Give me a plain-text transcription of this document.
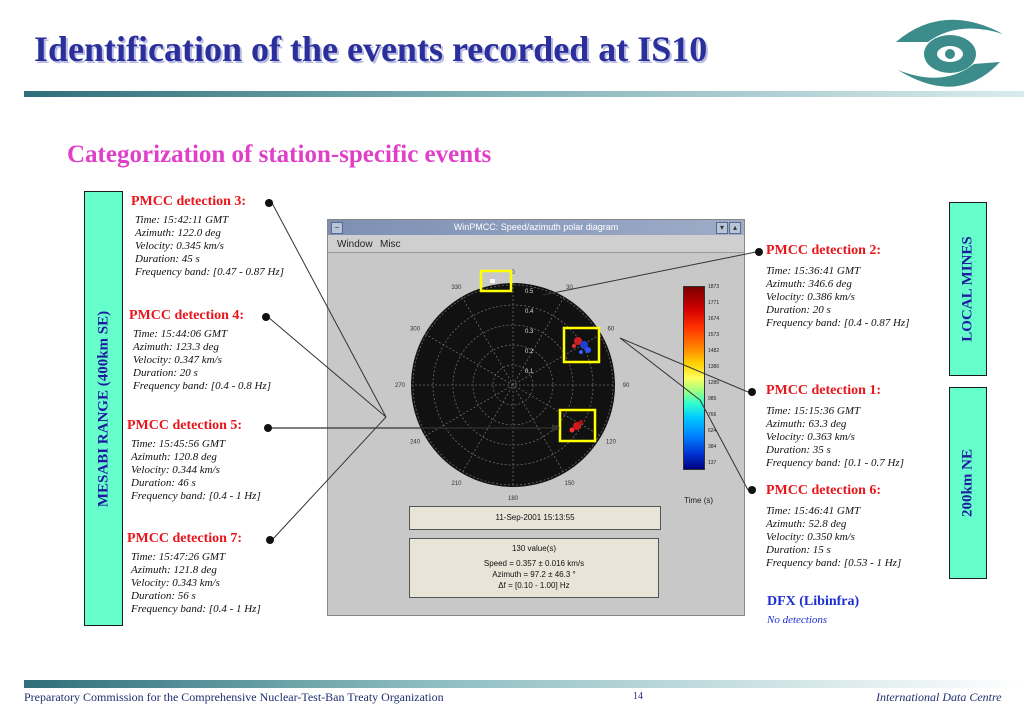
Identification of the events recorded at IS10
Categorization of station-specific events
MESABI RANGE (400km SE)
LOCAL MINES
200km NE
PMCC detection 3:
Time: 15:42:11 GMT
Azimuth: 122.0 deg
Velocity: 0.345 km/s
Duration: 45 s
Frequency band: [0.47 - 0.87 Hz]
PMCC detection 4:
Time: 15:44:06 GMT
Azimuth: 123.3 deg
Velocity: 0.347 km/s
Duration: 20 s
Frequency band: [0.4 - 0.8 Hz]
PMCC detection 5:
Time: 15:45:56 GMT
Azimuth: 120.8 deg
Velocity: 0.344 km/s
Duration: 46 s
Frequency band: [0.4 - 1 Hz]
PMCC detection 7:
Time: 15:47:26 GMT
Azimuth: 121.8 deg
Velocity: 0.343 km/s
Duration: 56 s
Frequency band: [0.4 - 1 Hz]
PMCC detection 2:
Time: 15:36:41 GMT
Azimuth: 346.6 deg
Velocity: 0.386 km/s
Duration: 20 s
Frequency band: [0.4 - 0.87 Hz]
PMCC detection 1:
Time: 15:15:36 GMT
Azimuth: 63.3 deg
Velocity: 0.363 km/s
Duration: 35 s
Frequency band: [0.1 - 0.7 Hz]
PMCC detection 6:
Time: 15:46:41 GMT
Azimuth: 52.8 deg
Velocity: 0.350 km/s
Duration: 15 s
Frequency band: [0.53 - 1 Hz]
DFX (Libinfra)
No detections
−	WinPMCC: Speed/azimuth polar diagram	▾	▴
Window Misc
0
30
60
90
120
150
180
210
240
270
300
330
0.5
0.4
0.3
0.2
0.1
1873
1771
1674
1573
1482
1386
1286
985
766
624
384
137
Time (s)
11-Sep-2001 15:13:55
130 value(s)
Speed = 0.357 ± 0.016 km/s
Azimuth = 97.2 ± 46.3 °
Δf = [0.10 - 1.00] Hz
Preparatory Commission for the Comprehensive Nuclear-Test-Ban Treaty Organization	14	International Data Centre
